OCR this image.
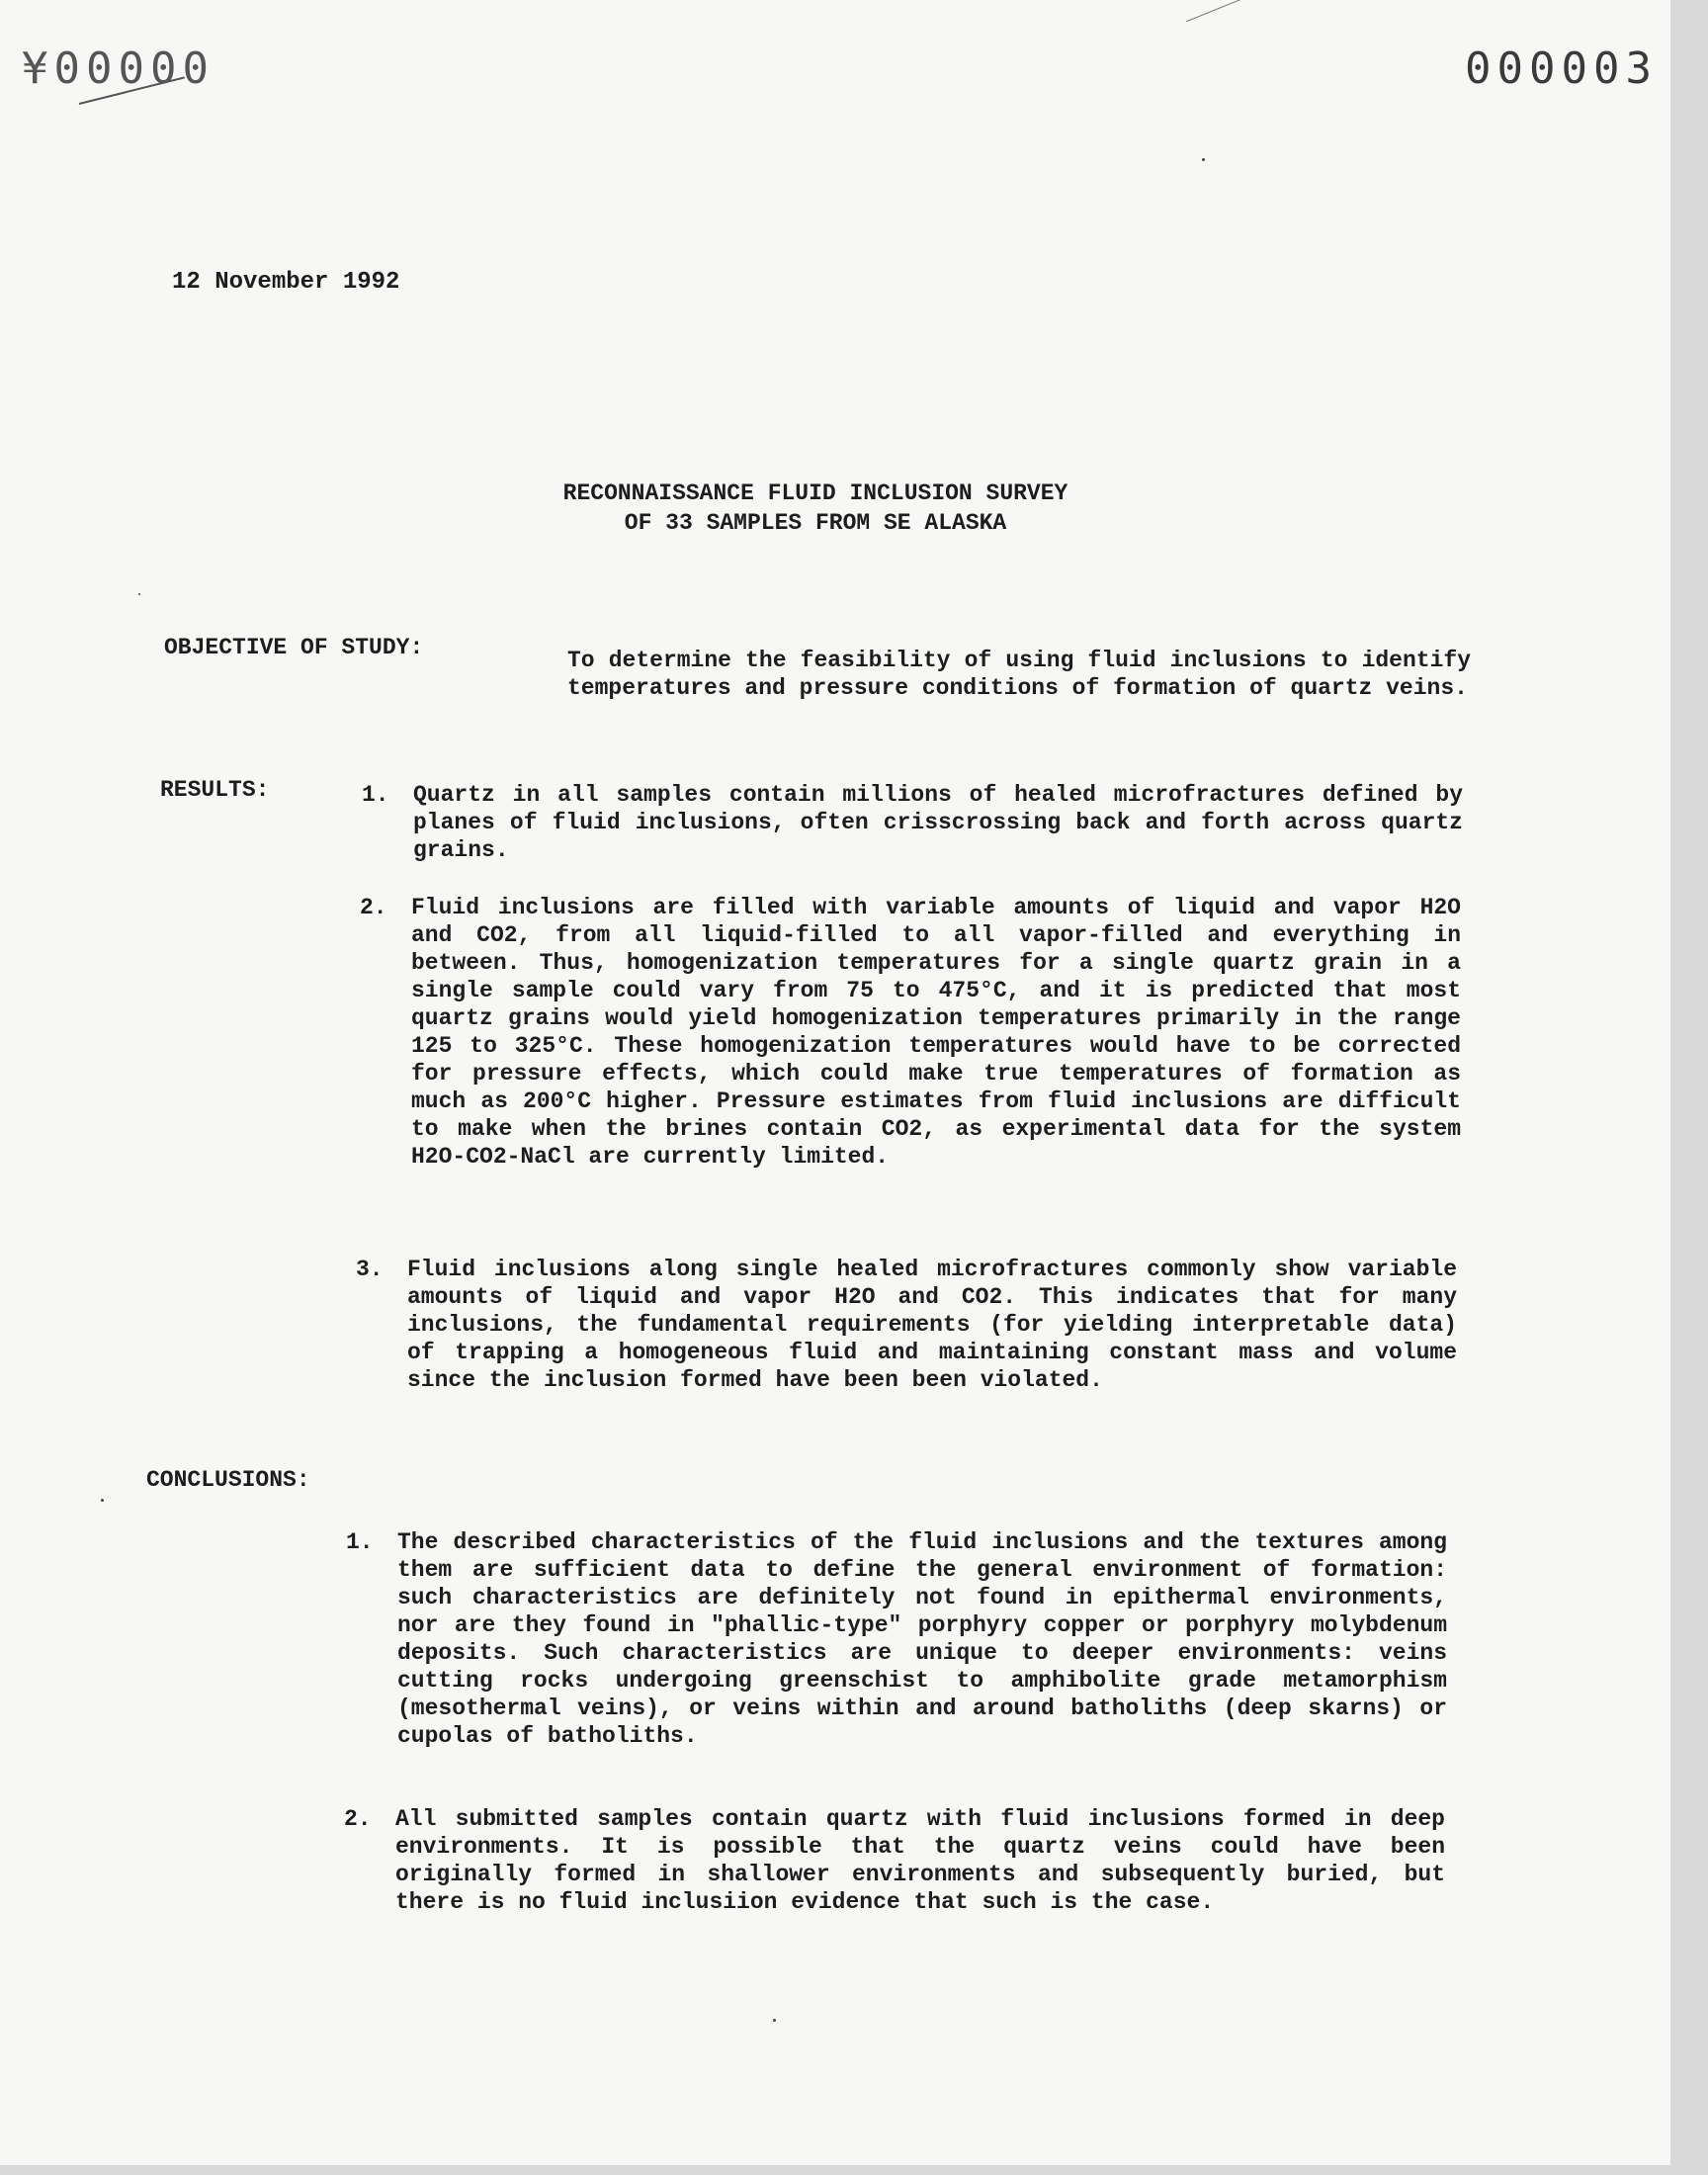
¥00000	000003
12 November 1992
RECONNAISSANCE FLUID INCLUSION SURVEY
OF 33 SAMPLES FROM SE ALASKA
OBJECTIVE OF STUDY:	To determine the feasibility of using fluid inclusions to identify temperatures and pressure conditions of formation of quartz veins.
RESULTS:	1. Quartz in all samples contain millions of healed microfractures defined by planes of fluid inclusions, often crisscrossing back and forth across quartz grains.
2. Fluid inclusions are filled with variable amounts of liquid and vapor H2O and CO2, from all liquid-filled to all vapor-filled and everything in between. Thus, homogenization temperatures for a single quartz grain in a single sample could vary from 75 to 475°C, and it is predicted that most quartz grains would yield homogenization temperatures primarily in the range 125 to 325°C. These homogenization temperatures would have to be corrected for pressure effects, which could make true temperatures of formation as much as 200°C higher. Pressure estimates from fluid inclusions are difficult to make when the brines contain CO2, as experimental data for the system H2O-CO2-NaCl are currently limited.
3. Fluid inclusions along single healed microfractures commonly show variable amounts of liquid and vapor H2O and CO2. This indicates that for many inclusions, the fundamental requirements (for yielding interpretable data) of trapping a homogeneous fluid and maintaining constant mass and volume since the inclusion formed have been been violated.
CONCLUSIONS:
1. The described characteristics of the fluid inclusions and the textures among them are sufficient data to define the general environment of formation: such characteristics are definitely not found in epithermal environments, nor are they found in "phallic-type" porphyry copper or porphyry molybdenum deposits. Such characteristics are unique to deeper environments: veins cutting rocks undergoing greenschist to amphibolite grade metamorphism (mesothermal veins), or veins within and around batholiths (deep skarns) or cupolas of batholiths.
2. All submitted samples contain quartz with fluid inclusions formed in deep environments. It is possible that the quartz veins could have been originally formed in shallower environments and subsequently buried, but there is no fluid inclusiion evidence that such is the case.
